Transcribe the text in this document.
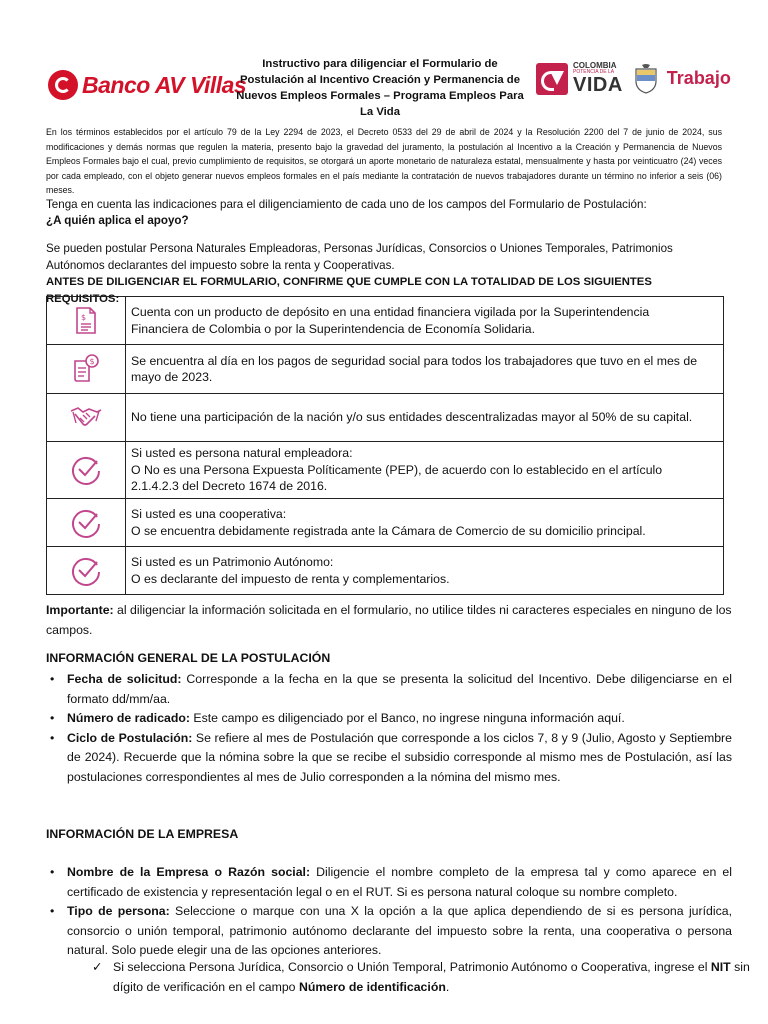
Banco AV Villas
Instructivo para diligenciar el Formulario de Postulación al Incentivo Creación y Permanencia de Nuevos Empleos Formales – Programa Empleos Para La Vida
COLOMBIA
POTENCIA DE LA
VIDA Trabajo
En los términos establecidos por el artículo 79 de la Ley 2294 de 2023, el Decreto 0533 del 29 de abril de 2024 y la Resolución 2200 del 7 de junio de 2024, sus modificaciones y demás normas que regulen la materia, presento bajo la gravedad del juramento, la postulación al Incentivo a la Creación y Permanencia de Nuevos Empleos Formales bajo el cual, previo cumplimiento de requisitos, se otorgará un aporte monetario de naturaleza estatal, mensualmente y hasta por veinticuatro (24) veces por cada empleado, con el objeto generar nuevos empleos formales en el país mediante la contratación de nuevos trabajadores durante un término no inferior a seis (06) meses.
Tenga en cuenta las indicaciones para el diligenciamiento de cada uno de los campos del Formulario de Postulación:
¿A quién aplica el apoyo?
Se pueden postular Persona Naturales Empleadoras, Personas Jurídicas, Consorcios o Uniones Temporales, Patrimonios Autónomos declarantes del impuesto sobre la renta y Cooperativas.
ANTES DE DILIGENCIAR EL FORMULARIO, CONFIRME QUE CUMPLE CON LA TOTALIDAD DE LOS SIGUIENTES REQUISITOS:
$	Cuenta con un producto de depósito en una entidad financiera vigilada por la Superintendencia
Financiera de Colombia o por la Superintendencia de Economía Solidaria.

$	Se encuentra al día en los pagos de seguridad social para todos los trabajadores que tuvo en el mes de
mayo de 2023.

No tiene una participación de la nación y/o sus entidades descentralizadas mayor al 50% de su capital.

Si usted es persona natural empleadora:
O No es una Persona Expuesta Políticamente (PEP), de acuerdo con lo establecido en el artículo
2.1.4.2.3 del Decreto 1674 de 2016.

Si usted es una cooperativa:
O se encuentra debidamente registrada ante la Cámara de Comercio de su domicilio principal.

Si usted es un Patrimonio Autónomo:
O es declarante del impuesto de renta y complementarios.
Importante: al diligenciar la información solicitada en el formulario, no utilice tildes ni caracteres especiales en ninguno de los campos.
INFORMACIÓN GENERAL DE LA POSTULACIÓN
• Fecha de solicitud: Corresponde a la fecha en la que se presenta la solicitud del Incentivo. Debe diligenciarse en el formato dd/mm/aa.
• Número de radicado: Este campo es diligenciado por el Banco, no ingrese ninguna información aquí.
• Ciclo de Postulación: Se refiere al mes de Postulación que corresponde a los ciclos 7, 8 y 9 (Julio, Agosto y Septiembre de 2024). Recuerde que la nómina sobre la que se recibe el subsidio corresponde al mismo mes de Postulación, así las postulaciones correspondientes al mes de Julio corresponden a la nómina del mismo mes.
INFORMACIÓN DE LA EMPRESA
• Nombre de la Empresa o Razón social: Diligencie el nombre completo de la empresa tal y como aparece en el certificado de existencia y representación legal o en el RUT. Si es persona natural coloque su nombre completo.
• Tipo de persona: Seleccione o marque con una X la opción a la que aplica dependiendo de si es persona jurídica, consorcio o unión temporal, patrimonio autónomo declarante del impuesto sobre la renta, una cooperativa o persona natural. Solo puede elegir una de las opciones anteriores.
✓ Si selecciona Persona Jurídica, Consorcio o Unión Temporal, Patrimonio Autónomo o Cooperativa, ingrese el NIT sin dígito de verificación en el campo Número de identificación.
